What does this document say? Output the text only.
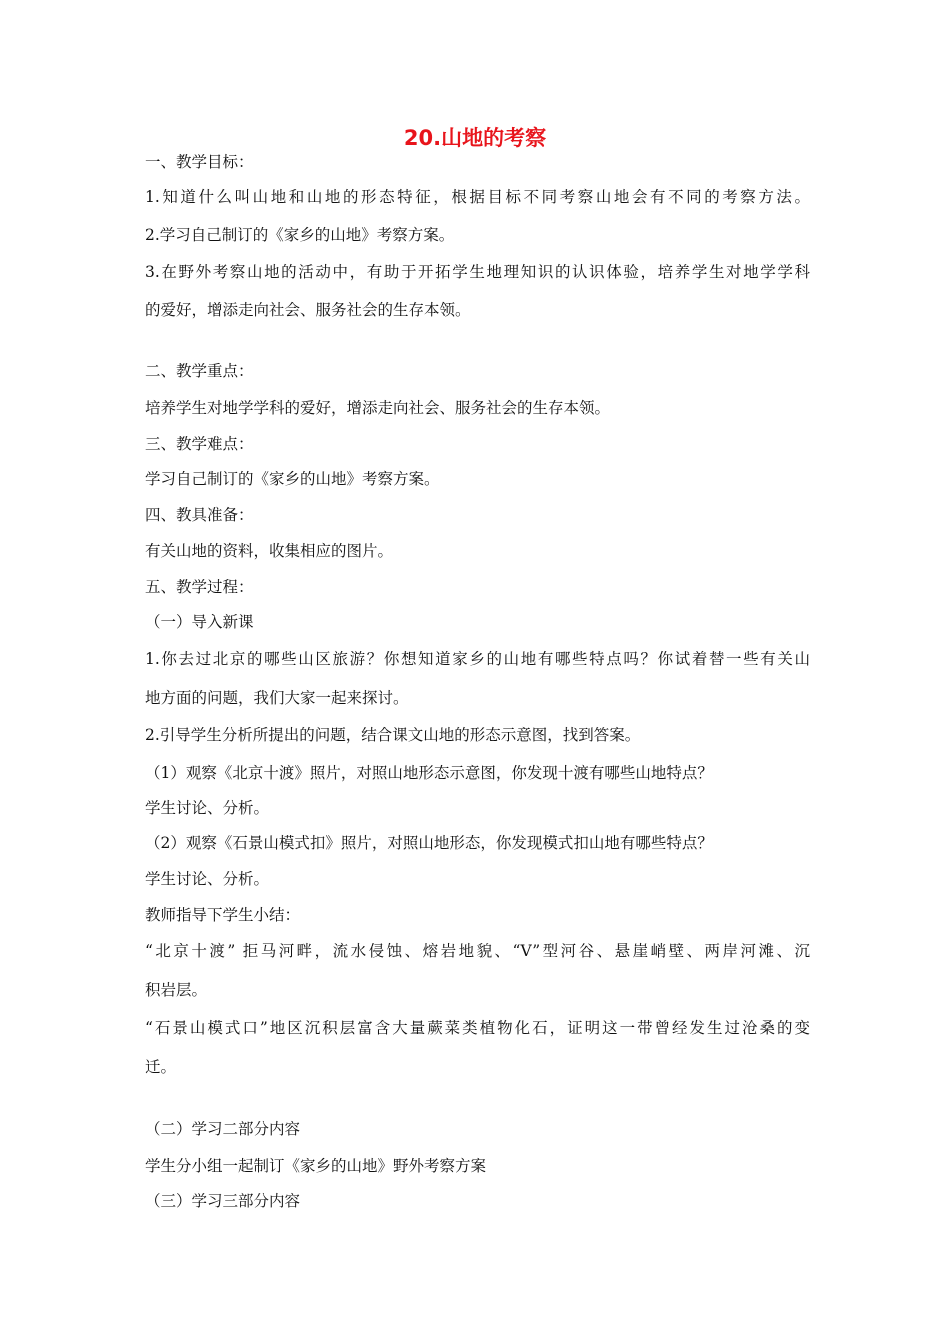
20.山地的考察
一、教学目标：
1.知道什么叫山地和山地的形态特征，根据目标不同考察山地会有不同的考察方法。
2.学习自己制订的《家乡的山地》考察方案。
3.在野外考察山地的活动中，有助于开拓学生地理知识的认识体验，培养学生对地学学科
的爱好，增添走向社会、服务社会的生存本领。
二、教学重点：
培养学生对地学学科的爱好，增添走向社会、服务社会的生存本领。
三、教学难点：
学习自己制订的《家乡的山地》考察方案。
四、教具准备：
有关山地的资料，收集相应的图片。
五、教学过程：
（一）导入新课
1.你去过北京的哪些山区旅游？你想知道家乡的山地有哪些特点吗？你试着替一些有关山
地方面的问题，我们大家一起来探讨。
2.引导学生分析所提出的问题，结合课文山地的形态示意图，找到答案。
（1）观察《北京十渡》照片，对照山地形态示意图，你发现十渡有哪些山地特点？
学生讨论、分析。
（2）观察《石景山模式扣》照片，对照山地形态，你发现模式扣山地有哪些特点？
学生讨论、分析。
教师指导下学生小结：
“北京十渡” 拒马河畔，流水侵蚀、熔岩地貌、“V”型河谷、悬崖峭壁、两岸河滩、沉
积岩层。
“石景山模式口”地区沉积层富含大量蕨菜类植物化石，证明这一带曾经发生过沧桑的变
迁。
（二）学习二部分内容
学生分小组一起制订《家乡的山地》野外考察方案
（三）学习三部分内容
